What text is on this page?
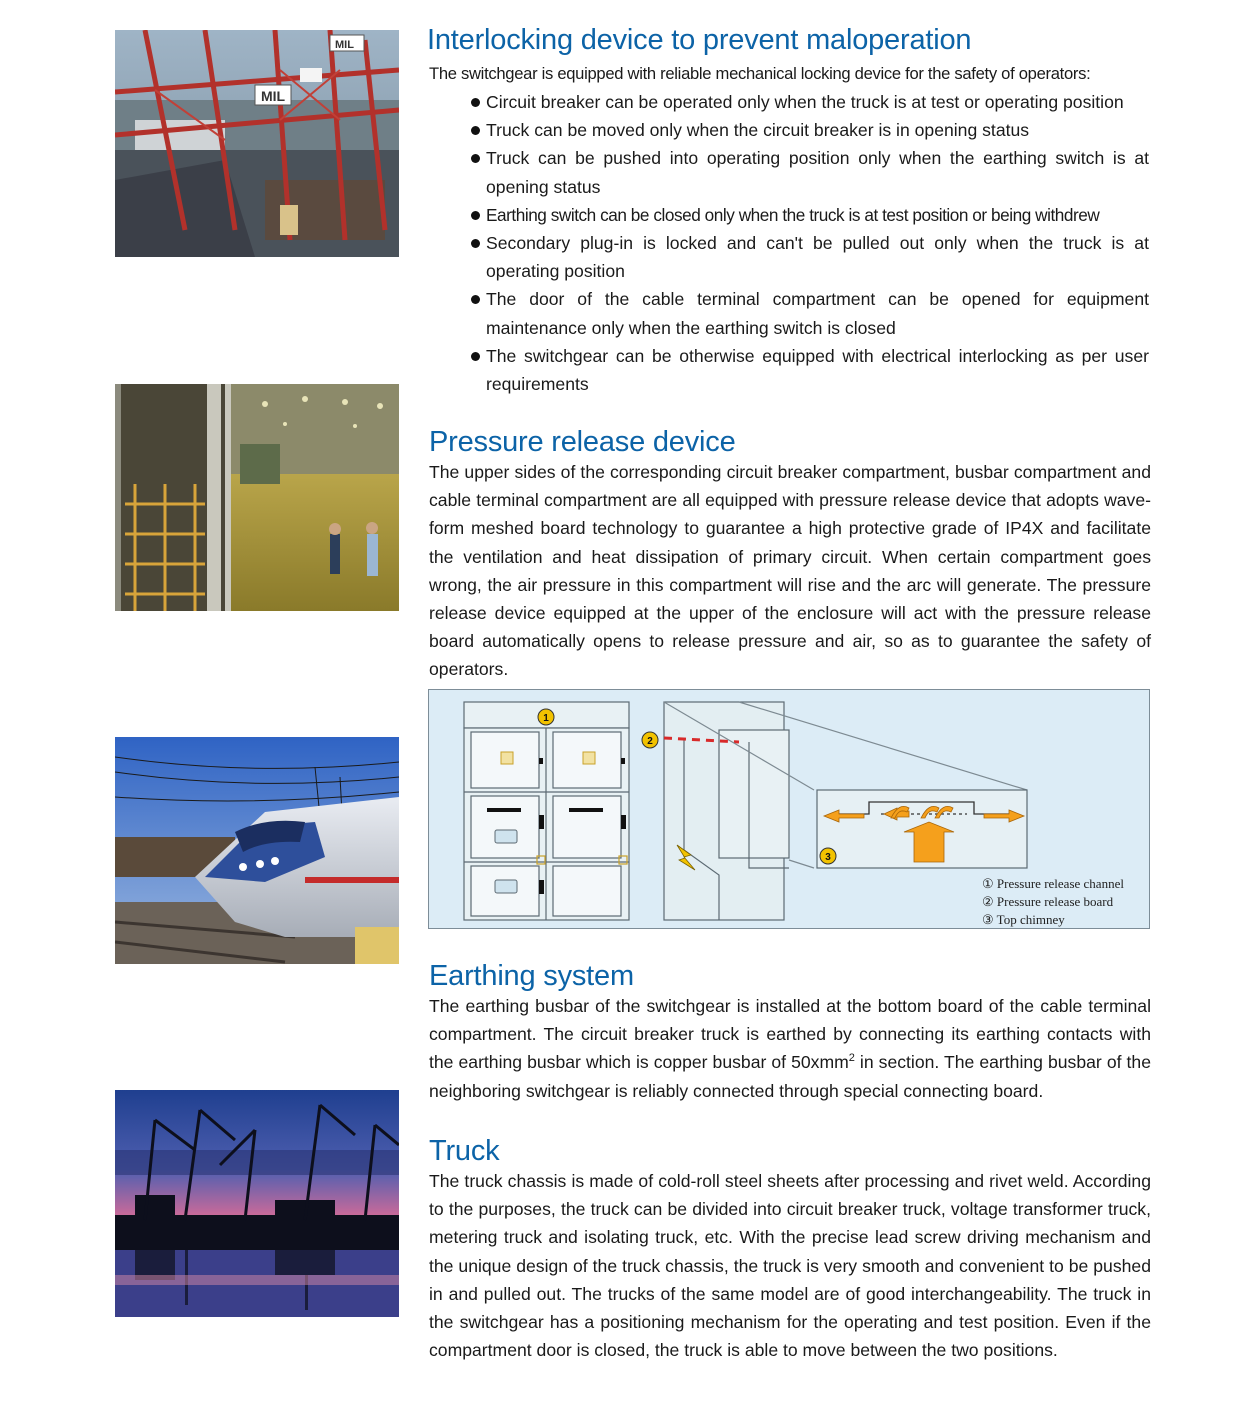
MIL
MIL	Interlocking device to prevent maloperation

The switchgear is equipped with reliable mechanical locking device for the safety of operators:

Circuit breaker can be operated only when the truck is at test or operating position
Truck can be moved only when the circuit breaker is in opening status
Truck can be pushed into operating position only when the earthing switch is at opening status
Earthing switch can be closed only when the truck is at test position or being withdrew
Secondary plug-in is locked and can't be pulled out only when the truck is at operating position
The door of the cable terminal compartment can be opened for equipment maintenance only when the earthing switch is closed
The switchgear can be otherwise equipped with electrical interlocking as per user requirements
Pressure release device

The upper sides of the corresponding circuit breaker compartment, busbar compartment and cable terminal compartment are all equipped with pressure release device that adopts wave-form meshed board technology to guarantee a high protective grade of IP4X and facilitate the ventilation and heat dissipation of primary circuit. When certain compartment goes wrong, the air pressure in this compartment will rise and the arc will generate. The pressure release device equipped at the upper of the enclosure will act with the pressure release board automatically opens to release pressure and air, so as to guarantee the safety of operators.

1
2
3
① Pressure release channel
② Pressure release board
③ Top chimney
Earthing system

The earthing busbar of the switchgear is installed at the bottom board of the cable terminal compartment. The circuit breaker truck is earthed by connecting its earthing contacts with the earthing busbar which is copper busbar of 50xmm$^2$ in section. The earthing busbar of the neighboring switchgear is reliably connected through special connecting board.

Truck

The truck chassis is made of cold-roll steel sheets after processing and rivet weld. According to the purposes, the truck can be divided into circuit breaker truck, voltage transformer truck, metering truck and isolating truck, etc. With the precise lead screw driving mechanism and the unique design of the truck chassis, the truck is very smooth and convenient to be pushed in and pulled out. The trucks of the same model are of good interchangeability. The truck in the switchgear has a positioning mechanism for the operating and test position. Even if the compartment door is closed, the truck is able to move between the two positions.
